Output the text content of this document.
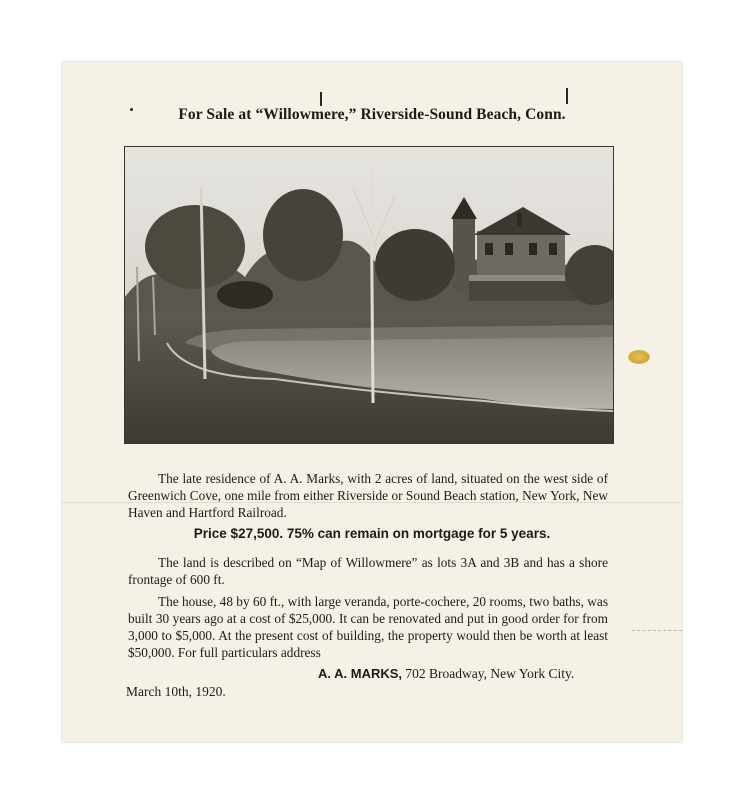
For Sale at “Willowmere,” Riverside-Sound Beach, Conn.
The late residence of A. A. Marks, with 2 acres of land, situated on the west side of Greenwich Cove, one mile from either Riverside or Sound Beach station, New York, New Haven and Hartford Railroad.
Price $27,500. 75% can remain on mortgage for 5 years.
The land is described on “Map of Willowmere” as lots 3A and 3B and has a shore frontage of 600 ft.
The house, 48 by 60 ft., with large veranda, porte-cochere, 20 rooms, two baths, was built 30 years ago at a cost of $25,000. It can be renovated and put in good order for from 3,000 to $5,000. At the present cost of building, the property would then be worth at least $50,000. For full particulars address
A. A. MARKS, 702 Broadway, New York City.
March 10th, 1920.
